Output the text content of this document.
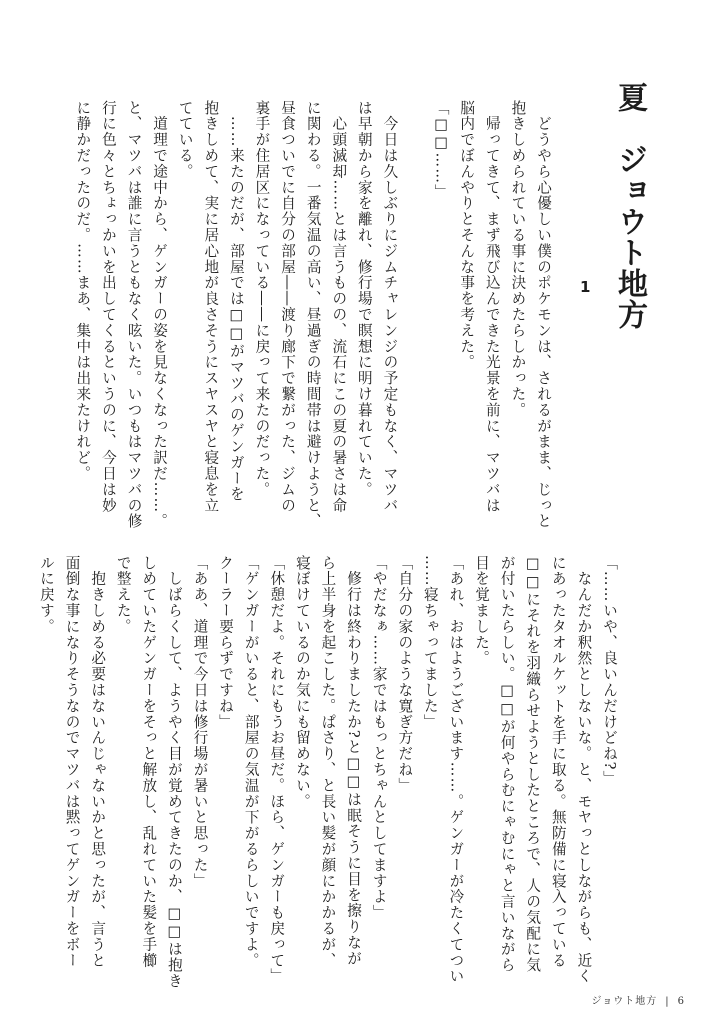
夏　ジョウト地方
1

　どうやら心優しい僕のポケモンは、されるがまま、じっと

抱きしめられている事に決めたらしかった。

　帰ってきて、まず飛び込んできた光景を前に、マツバは

脳内でぼんやりとそんな事を考えた。

「□□……」

　今日は久しぶりにジムチャレンジの予定もなく、マツバ

は早朝から家を離れ、修行場で瞑想に明け暮れていた。

　心頭滅却……とは言うものの、流石にこの夏の暑さは命

に関わる。一番気温の高い、昼過ぎの時間帯は避けようと、

昼食ついでに自分の部屋――渡り廊下で繋がった、ジムの

裏手が住居区になっている――に戻って来たのだった。

　……来たのだが、部屋では□□がマツバのゲンガーを

抱きしめて、実に居心地が良さそうにスヤスヤと寝息を立

てている。

　道理で途中から、ゲンガーの姿を見なくなった訳だ……。

と、マツバは誰に言うともなく呟いた。いつもはマツバの修

行に色々とちょっかいを出してくるというのに、今日は妙

に静かだったのだ。……まあ、集中は出来たけれど。

「……いや、良いんだけどね?」

　なんだか釈然としないな。と、モヤっとしながらも、近く

にあったタオルケットを手に取る。無防備に寝入っている

□□にそれを羽織らせようとしたところで、人の気配に気

が付いたらしい。□□が何やらむにゃむにゃと言いながら

目を覚ました。

「あれ、おはようございます……。ゲンガーが冷たくてつい

……寝ちゃってました」

「自分の家のような寛ぎ方だね」

「やだなぁ……家ではもっとちゃんとしてますよ」

　修行は終わりましたか?と□□は眠そうに目を擦りなが

ら上半身を起こした。ぱさり、と長い髪が顔にかかるが、

寝ぼけているのか気にも留めない。

「休憩だよ。それにもうお昼だ。ほら、ゲンガーも戻って」

「ゲンガーがいると、部屋の気温が下がるらしいですよ。

クーラー要らずですね」

「ああ、道理で今日は修行場が暑いと思った」

　しばらくして、ようやく目が覚めてきたのか、□□は抱き

しめていたゲンガーをそっと解放し、乱れていた髪を手櫛

で整えた。

　抱きしめる必要はないんじゃないかと思ったが、言うと

面倒な事になりそうなのでマツバは黙ってゲンガーをボー

ルに戻す。

ジョウト地方 | 6
